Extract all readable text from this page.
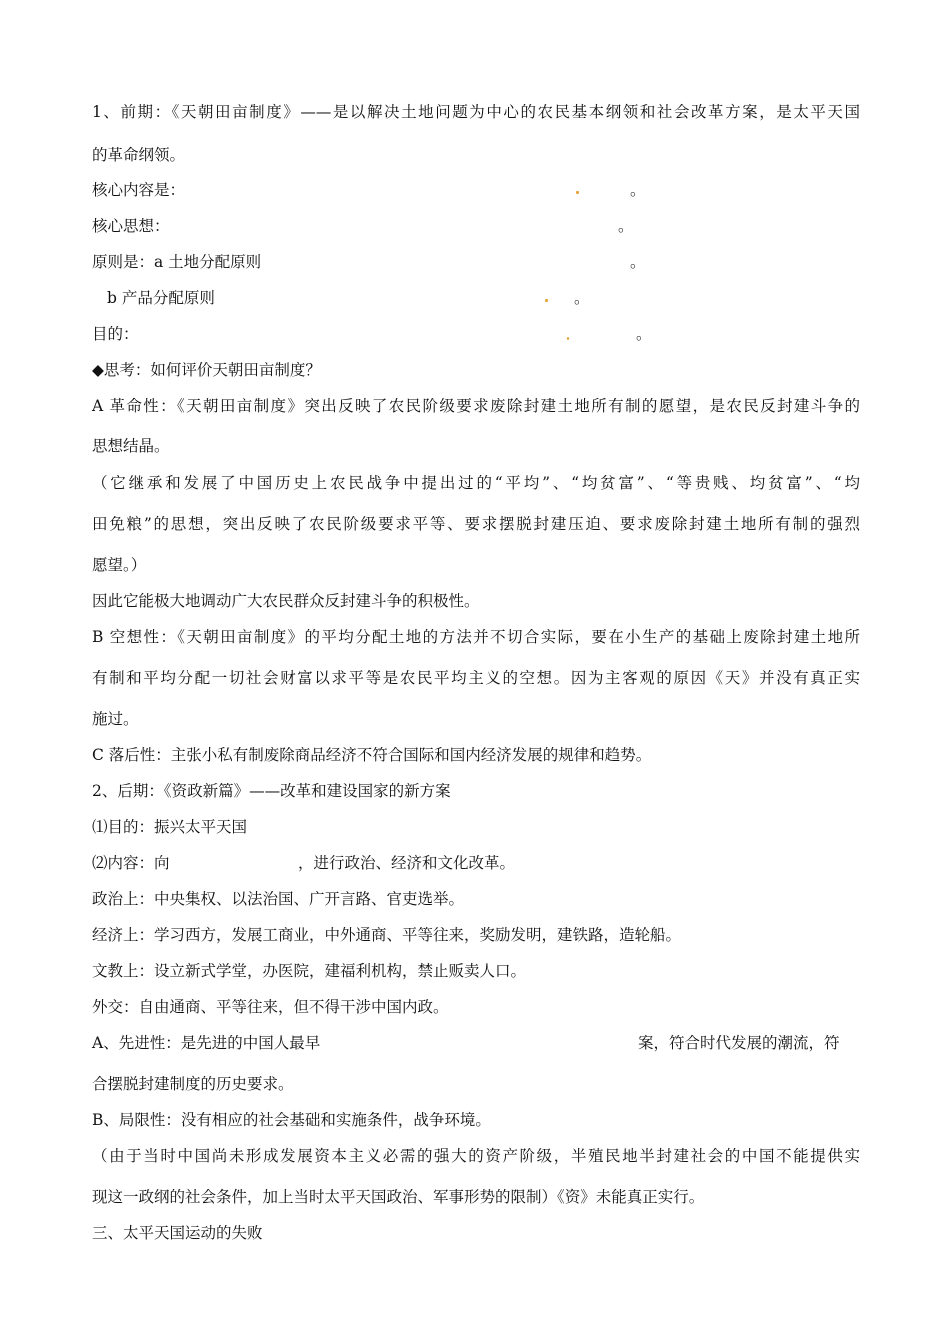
1、前期：《天朝田亩制度》——是以解决土地问题为中心的农民基本纲领和社会改革方案，是太平天国
的革命纲领。
核心内容是：	。
核心思想：	。
原则是：a 土地分配原则	。
b 产品分配原则	。
目的：	。
◆思考：如何评价天朝田亩制度？
A 革命性：《天朝田亩制度》突出反映了农民阶级要求废除封建土地所有制的愿望，是农民反封建斗争的
思想结晶。
（它继承和发展了中国历史上农民战争中提出过的“平均”、“均贫富”、“等贵贱、均贫富”、“均
田免粮”的思想，突出反映了农民阶级要求平等、要求摆脱封建压迫、要求废除封建土地所有制的强烈
愿望。）
因此它能极大地调动广大农民群众反封建斗争的积极性。
B 空想性：《天朝田亩制度》的平均分配土地的方法并不切合实际，要在小生产的基础上废除封建土地所
有制和平均分配一切社会财富以求平等是农民平均主义的空想。因为主客观的原因《天》并没有真正实
施过。
C 落后性：主张小私有制废除商品经济不符合国际和国内经济发展的规律和趋势。
2、后期：《资政新篇》——改革和建设国家的新方案
⑴目的：振兴太平天国
⑵内容：向	，进行政治、经济和文化改革。
政治上：中央集权、以法治国、广开言路、官吏选举。
经济上：学习西方，发展工商业，中外通商、平等往来，奖励发明，建铁路，造轮船。
文教上：设立新式学堂，办医院，建福利机构，禁止贩卖人口。
外交：自由通商、平等往来，但不得干涉中国内政。
A、先进性：是先进的中国人最早	案，符合时代发展的潮流，符
合摆脱封建制度的历史要求。
B、局限性：没有相应的社会基础和实施条件，战争环境。
（由于当时中国尚未形成发展资本主义必需的强大的资产阶级，半殖民地半封建社会的中国不能提供实
现这一政纲的社会条件，加上当时太平天国政治、军事形势的限制）《资》未能真正实行。
三、太平天国运动的失败
